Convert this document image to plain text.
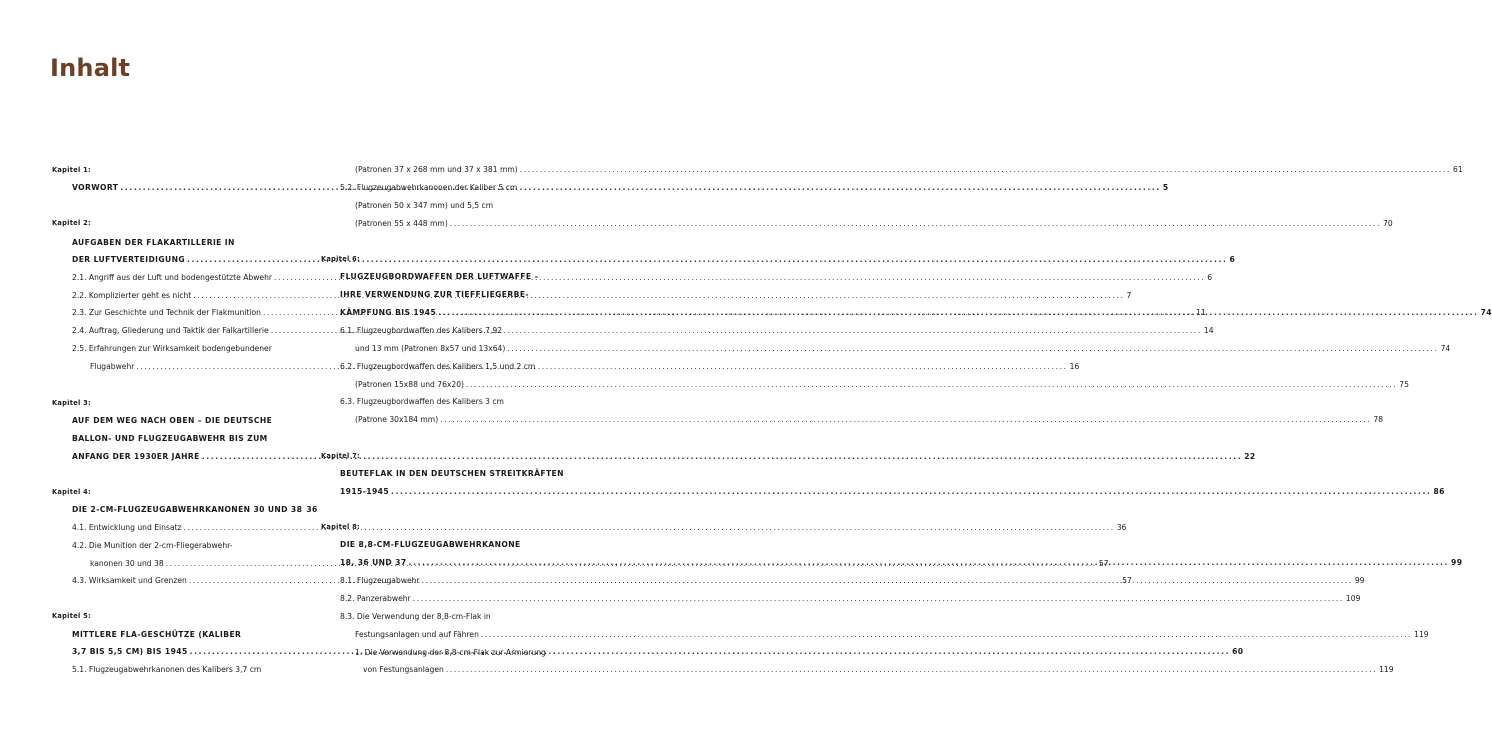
Inhalt
Kapitel 1:
VORWORT .....	5
Kapitel 2:
AUFGABEN DER FLAKARTILLERIE IN
DER LUFTVERTEIDIGUNG .....	6
2.1. Angriff aus der Luft und bodengestützte Abwehr .....	6
2.2. Komplizierter geht es nicht .....	7
2.3. Zur Geschichte und Technik der Flakmunition .....	11
2.4. Auftrag, Gliederung und Taktik der Falkartillerie .....	14
2.5. Erfahrungen zur Wirksamkeit bodengebundener
Flugabwehr .....	16
Kapitel 3:
AUF DEM WEG NACH OBEN – DIE DEUTSCHE
BALLON- UND FLUGZEUGABWEHR BIS ZUM
ANFANG DER 1930ER JAHRE .....	22
Kapitel 4:
DIE 2-CM-FLUGZEUGABWEHRKANONEN 30 UND 38 36
4.1. Entwicklung und Einsatz .....	36
4.2. Die Munition der 2-cm-Fliegerabwehr-
kanonen 30 und 38 .....	57
4.3. Wirksamkeit und Grenzen .....	57
Kapitel 5:
MITTLERE FLA-GESCHÜTZE (KALIBER
3,7 BIS 5,5 CM) BIS 1945 .....	60
5.1. Flugzeugabwehrkanonen des Kalibers 3,7 cm
(Patronen 37 x 268 mm und 37 x 381 mm) .....	61
5.2. Flugzeugabwehrkanonen der Kaliber 5 cm
(Patronen 50 x 347 mm) und 5,5 cm
(Patronen 55 x 448 mm) .....	70
Kapitel 6:
FLUGZEUGBORDWAFFEN DER LUFTWAFFE –
IHRE VERWENDUNG ZUR TIEFFLIEGERBE-
KÄMPFUNG BIS 1945 .....	74
6.1. Flugzeugbordwaffen des Kalibers 7,92
und 13 mm (Patronen 8x57 und 13x64) .....	74
6.2. Flugzeugbordwaffen des Kalibers 1,5 und 2 cm
(Patronen 15x88 und 76x20) .....	75
6.3. Flugzeugbordwaffen des Kalibers 3 cm
(Patrone 30x184 mm) .....	78
Kapitel 7:
BEUTEFLAK IN DEN DEUTSCHEN STREITKRÄFTEN
1915-1945 .....	86
Kapitel 8:
DIE 8,8-CM-FLUGZEUGABWEHRKANONE
18, 36 UND 37 .....	99
8.1. Flugzeugabwehr .....	99
8.2. Panzerabwehr .....	109
8.3. Die Verwendung der 8,8-cm-Flak in
Festungsanlagen und auf Fähren .....	119
1. Die Verwendung der 8,8-cm-Flak zur Armierung
von Festungsanlagen .....	119
